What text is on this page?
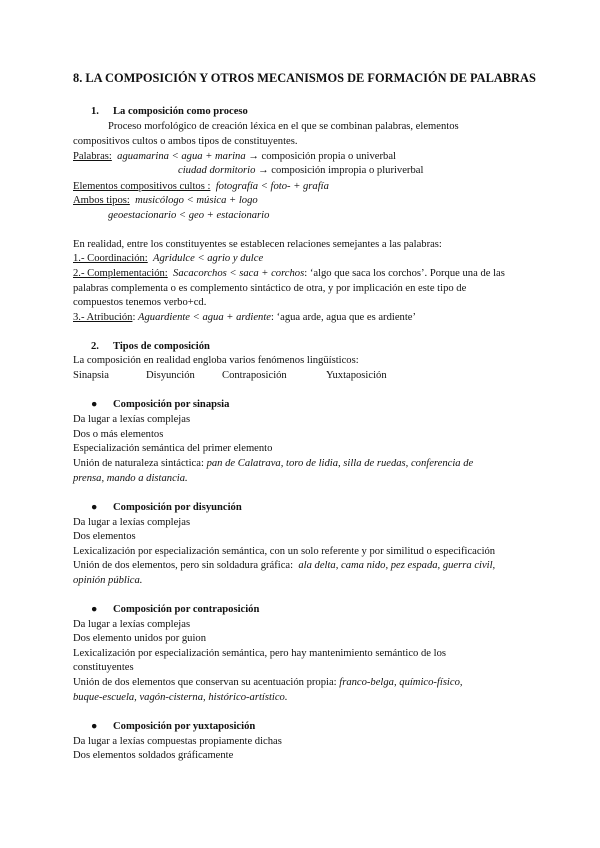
8. LA COMPOSICIÓN Y OTROS MECANISMOS DE FORMACIÓN DE PALABRAS
1. La composición como proceso
Proceso morfológico de creación léxica en el que se combinan palabras, elementos
compositivos cultos o ambos tipos de constituyentes.
Palabras: aguamarina < agua + marina → composición propia o univerbal
ciudad dormitorio → composición impropia o pluriverbal
Elementos compositivos cultos : fotografía < foto- + grafía
Ambos tipos: musicólogo < música + logo
geoestacionario < geo + estacionario
En realidad, entre los constituyentes se establecen relaciones semejantes a las palabras:
1.- Coordinación: Agridulce < agrio y dulce
2.- Complementación: Sacacorchos < saca + corchos: ‘algo que saca los corchos’. Porque una de las
palabras complementa o es complemento sintáctico de otra, y por implicación en este tipo de
compuestos tenemos verbo+cd.
3.- Atribución: Aguardiente < agua + ardiente: ‘agua arde, agua que es ardiente’
2. Tipos de composición
La composición en realidad engloba varios fenómenos lingüísticos:
Sinapsia	Disyunción	Contraposición	Yuxtaposición
● Composición por sinapsia
Da lugar a lexías complejas
Dos o más elementos
Especialización semántica del primer elemento
Unión de naturaleza sintáctica: pan de Calatrava, toro de lidia, silla de ruedas, conferencia de
prensa, mando a distancia.
● Composición por disyunción
Da lugar a lexías complejas
Dos elementos
Lexicalización por especialización semántica, con un solo referente y por similitud o especificación
Unión de dos elementos, pero sin soldadura gráfica: ala delta, cama nido, pez espada, guerra civil,
opinión pública.
● Composición por contraposición
Da lugar a lexías complejas
Dos elemento unidos por guion
Lexicalización por especialización semántica, pero hay mantenimiento semántico de los
constituyentes
Unión de dos elementos que conservan su acentuación propia: franco-belga, químico-físico,
buque-escuela, vagón-cisterna, histórico-artístico.
● Composición por yuxtaposición
Da lugar a lexías compuestas propiamente dichas
Dos elementos soldados gráficamente
